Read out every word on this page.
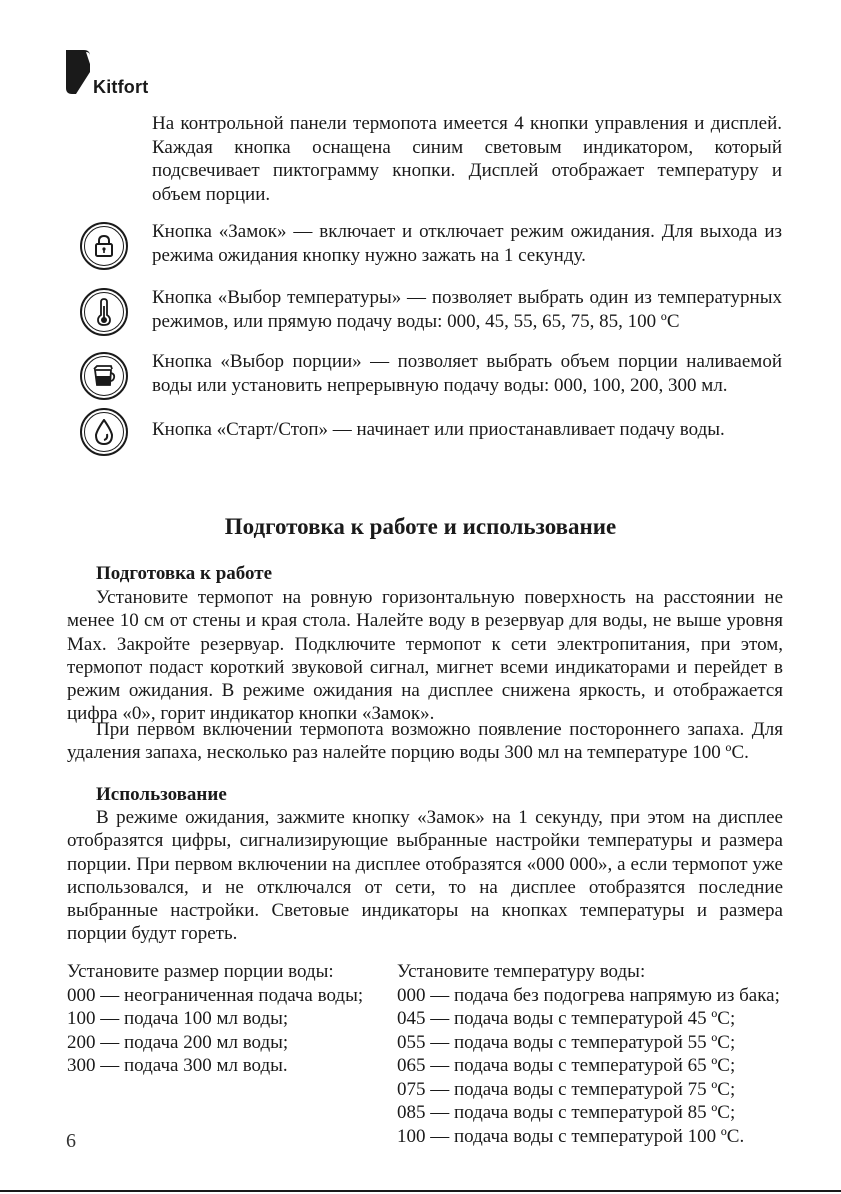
Kitfort

На контрольной панели термопота имеется 4 кнопки управления и дисплей. Каждая кнопка оснащена синим световым индикатором, который подсвечивает пиктограмму кнопки. Дисплей отображает температуру и объем порции.

Кнопка «Замок» — включает и отключает режим ожидания. Для выхода из режима ожидания кнопку нужно зажать на 1 секунду.
Кнопка «Выбор температуры» — позволяет выбрать один из температурных режимов, или прямую подачу воды: 000, 45, 55, 65, 75, 85, 100 ºС
Кнопка «Выбор порции» — позволяет выбрать объем порции наливаемой воды или установить непрерывную подачу воды: 000, 100, 200, 300 мл.
Кнопка «Старт/Стоп» — начинает или приостанавливает подачу воды.
Подготовка к работе и использование
Подготовка к работе

Установите термопот на ровную горизонтальную поверхность на расстоянии не менее 10 см от стены и края стола. Налейте воду в резервуар для воды, не выше уровня Max. Закройте резервуар. Подключите термопот к сети электропитания, при этом, термопот подаст короткий звуковой сигнал, мигнет всеми индикаторами и перейдет в режим ожидания. В режиме ожидания на дисплее снижена яркость, и отображается цифра «0», горит индикатор кнопки «Замок».

При первом включении термопота возможно появление постороннего запаха. Для удаления запаха, несколько раз налейте порцию воды 300 мл на температуре 100 ºС.

Использование

В режиме ожидания, зажмите кнопку «Замок» на 1 секунду, при этом на дисплее отобразятся цифры, сигнализирующие выбранные настройки температуры и размера порции. При первом включении на дисплее отобразятся «000 000», а если термопот уже использовался, и не отключался от сети, то на дисплее отобразятся последние выбранные настройки. Световые индикаторы на кнопках температуры и размера порции будут гореть.

Установите размер порции воды:
000 — неограниченная подача воды;
100 — подача 100 мл воды;
200 — подача 200 мл воды;
300 — подача 300 мл воды.
Установите температуру воды:
000 — подача без подогрева напрямую из бака;
045 — подача воды с температурой 45 ºС;
055 — подача воды с температурой 55 ºС;
065 — подача воды с температурой 65 ºС;
075 — подача воды с температурой 75 ºС;
085 — подача воды с температурой 85 ºС;
100 — подача воды с температурой 100 ºС.
6
